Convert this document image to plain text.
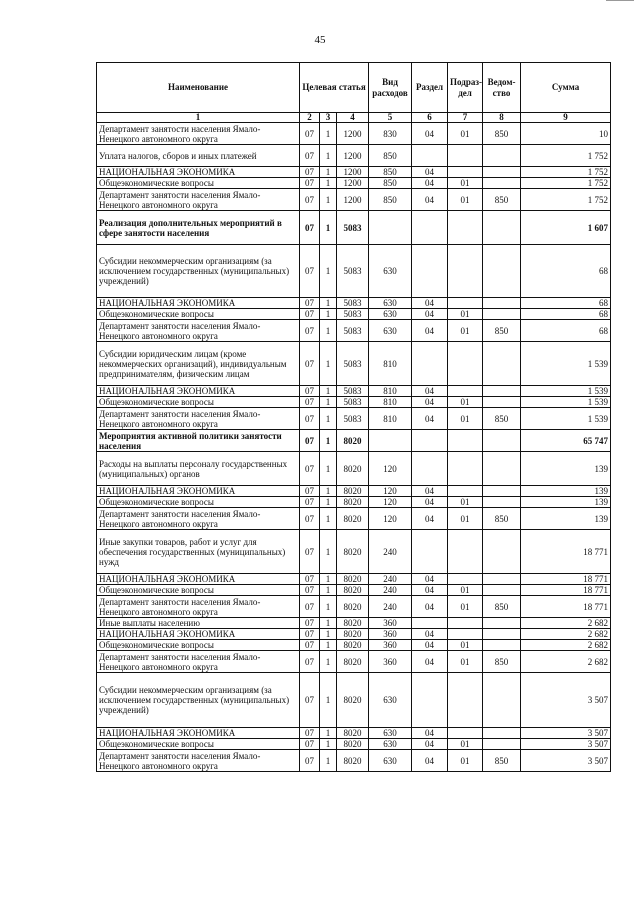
45
Наименование	Целевая статья			Вид расходов	Раздел	Подраз-дел	Ведом-ство	Сумма
1	2	3	4	5	6	7	8	9
Департамент занятости населения Ямало-Ненецкого автономного округа	07	1	1200	830	04	01	850	10
Уплата налогов, сборов и иных платежей	07	1	1200	850				1 752
НАЦИОНАЛЬНАЯ ЭКОНОМИКА	07	1	1200	850	04			1 752
Общеэкономические вопросы	07	1	1200	850	04	01		1 752
Департамент занятости населения Ямало-Ненецкого автономного округа	07	1	1200	850	04	01	850	1 752
Реализация дополнительных мероприятий в сфере занятости населения	07	1	5083					1 607
Субсидии некоммерческим организациям (за исключением государственных (муниципальных) учреждений)	07	1	5083	630				68
НАЦИОНАЛЬНАЯ ЭКОНОМИКА	07	1	5083	630	04			68
Общеэкономические вопросы	07	1	5083	630	04	01		68
Департамент занятости населения Ямало-Ненецкого автономного округа	07	1	5083	630	04	01	850	68
Субсидии юридическим лицам (кроме некоммерческих организаций), индивидуальным предпринимателям, физическим лицам	07	1	5083	810				1 539
НАЦИОНАЛЬНАЯ ЭКОНОМИКА	07	1	5083	810	04			1 539
Общеэкономические вопросы	07	1	5083	810	04	01		1 539
Департамент занятости населения Ямало-Ненецкого автономного округа	07	1	5083	810	04	01	850	1 539
Мероприятия активной политики занятости населения	07	1	8020					65 747
Расходы на выплаты персоналу государственных (муниципальных) органов	07	1	8020	120				139
НАЦИОНАЛЬНАЯ ЭКОНОМИКА	07	1	8020	120	04			139
Общеэкономические вопросы	07	1	8020	120	04	01		139
Департамент занятости населения Ямало-Ненецкого автономного округа	07	1	8020	120	04	01	850	139
Иные закупки товаров, работ и услуг для обеспечения государственных (муниципальных) нужд	07	1	8020	240				18 771
НАЦИОНАЛЬНАЯ ЭКОНОМИКА	07	1	8020	240	04			18 771
Общеэкономические вопросы	07	1	8020	240	04	01		18 771
Департамент занятости населения Ямало-Ненецкого автономного округа	07	1	8020	240	04	01	850	18 771
Иные выплаты населению	07	1	8020	360				2 682
НАЦИОНАЛЬНАЯ ЭКОНОМИКА	07	1	8020	360	04			2 682
Общеэкономические вопросы	07	1	8020	360	04	01		2 682
Департамент занятости населения Ямало-Ненецкого автономного округа	07	1	8020	360	04	01	850	2 682
Субсидии некоммерческим организациям (за исключением государственных (муниципальных) учреждений)	07	1	8020	630				3 507
НАЦИОНАЛЬНАЯ ЭКОНОМИКА	07	1	8020	630	04			3 507
Общеэкономические вопросы	07	1	8020	630	04	01		3 507
Департамент занятости населения Ямало-Ненецкого автономного округа	07	1	8020	630	04	01	850	3 507
